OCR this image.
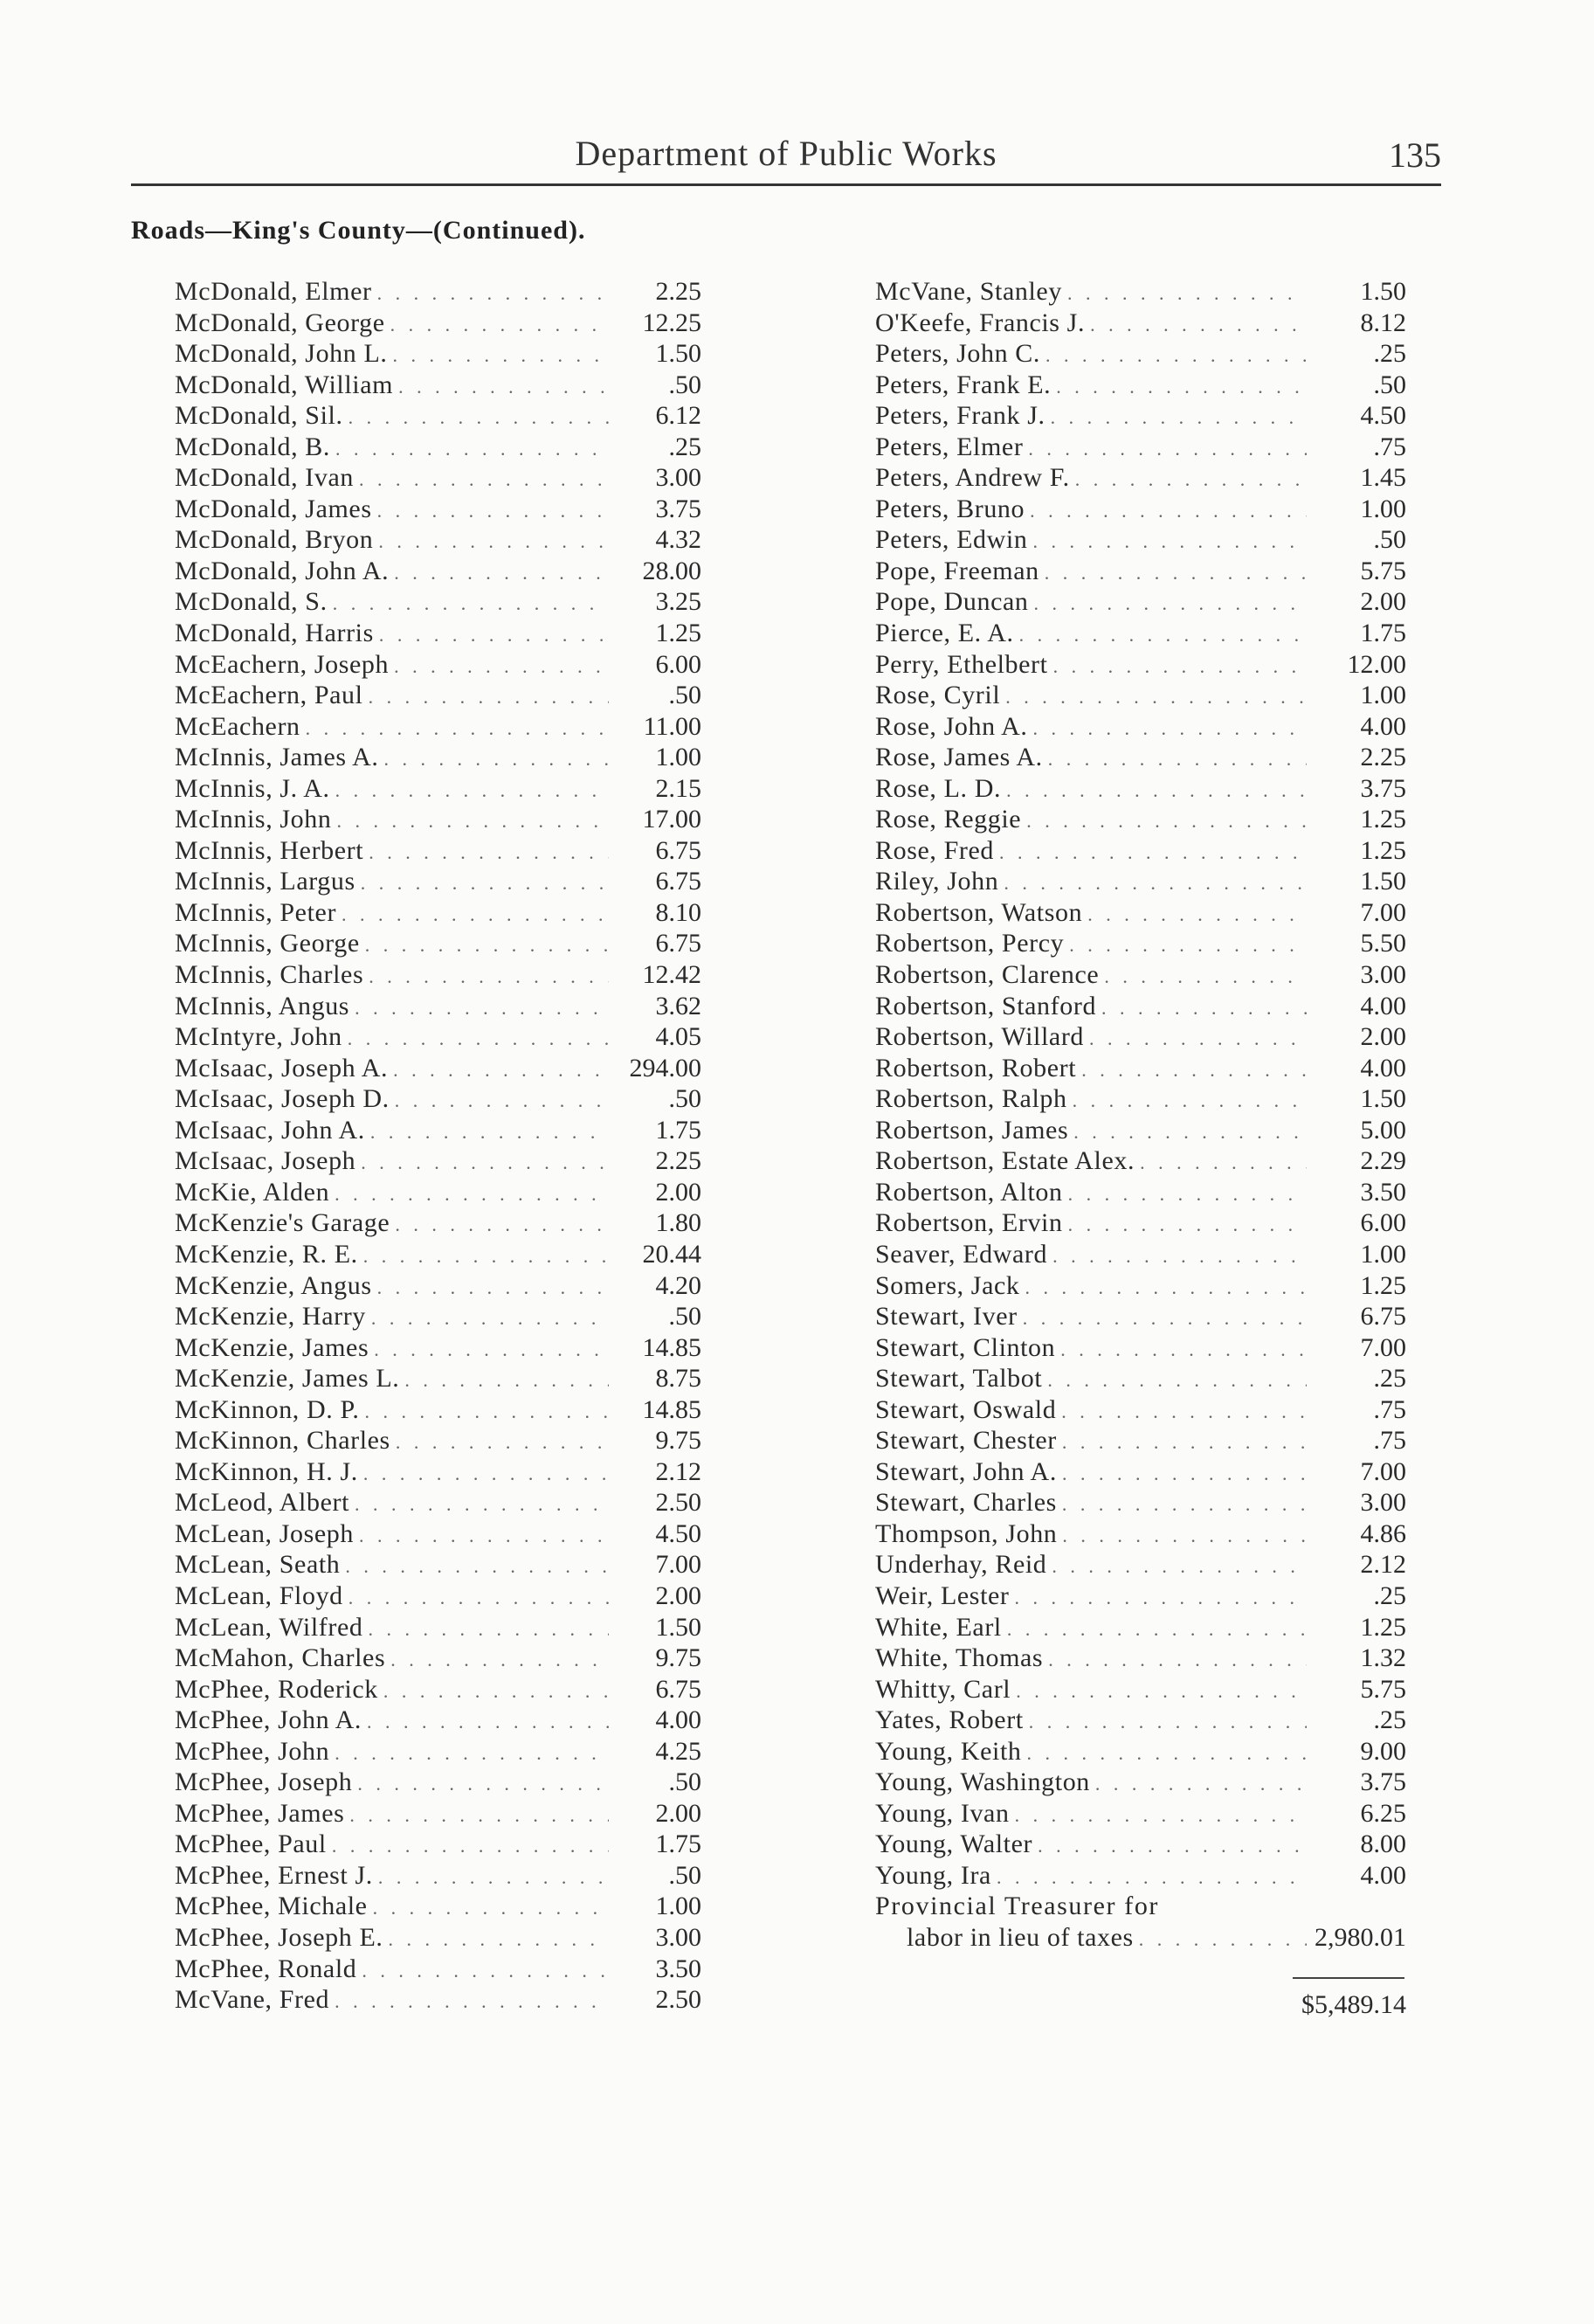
Department of Public Works	135
Roads—King's County—(Continued).
McDonald, Elmer . . .	2.25
McDonald, George . . .	12.25
McDonald, John L. . . .	1.50
McDonald, William . . .	.50
McDonald, Sil. . . .	6.12
McDonald, B. . . .	.25
McDonald, Ivan . . .	3.00
McDonald, James . . .	3.75
McDonald, Bryon . . .	4.32
McDonald, John A. . . .	28.00
McDonald, S. . . .	3.25
McDonald, Harris . . .	1.25
McEachern, Joseph . . .	6.00
McEachern, Paul . . .	.50
McEachern . . .	11.00
McInnis, James A. . . .	1.00
McInnis, J. A. . . .	2.15
McInnis, John . . .	17.00
McInnis, Herbert . . .	6.75
McInnis, Largus . . .	6.75
McInnis, Peter . . .	8.10
McInnis, George . . .	6.75
McInnis, Charles . . .	12.42
McInnis, Angus . . .	3.62
McIntyre, John . . .	4.05
McIsaac, Joseph A. . . .	294.00
McIsaac, Joseph D. . . .	.50
McIsaac, John A. . . .	1.75
McIsaac, Joseph . . .	2.25
McKie, Alden . . .	2.00
McKenzie's Garage . . .	1.80
McKenzie, R. E. . . .	20.44
McKenzie, Angus . . .	4.20
McKenzie, Harry . . .	.50
McKenzie, James . . .	14.85
McKenzie, James L. . . .	8.75
McKinnon, D. P. . . .	14.85
McKinnon, Charles . . .	9.75
McKinnon, H. J. . . .	2.12
McLeod, Albert . . .	2.50
McLean, Joseph . . .	4.50
McLean, Seath . . .	7.00
McLean, Floyd . . .	2.00
McLean, Wilfred . . .	1.50
McMahon, Charles . . .	9.75
McPhee, Roderick . . .	6.75
McPhee, John A. . . .	4.00
McPhee, John . . .	4.25
McPhee, Joseph . . .	.50
McPhee, James . . .	2.00
McPhee, Paul . . .	1.75
McPhee, Ernest J. . . .	.50
McPhee, Michale . . .	1.00
McPhee, Joseph E. . . .	3.00
McPhee, Ronald . . .	3.50
McVane, Fred . . .	2.50
McVane, Stanley . . .	1.50
O'Keefe, Francis J. . . .	8.12
Peters, John C. . . .	.25
Peters, Frank E. . . .	.50
Peters, Frank J. . . .	4.50
Peters, Elmer . . .	.75
Peters, Andrew F. . . .	1.45
Peters, Bruno . . .	1.00
Peters, Edwin . . .	.50
Pope, Freeman . . .	5.75
Pope, Duncan . . .	2.00
Pierce, E. A. . . .	1.75
Perry, Ethelbert . . .	12.00
Rose, Cyril . . .	1.00
Rose, John A. . . .	4.00
Rose, James A. . . .	2.25
Rose, L. D. . . .	3.75
Rose, Reggie . . .	1.25
Rose, Fred . . .	1.25
Riley, John . . .	1.50
Robertson, Watson . . .	7.00
Robertson, Percy . . .	5.50
Robertson, Clarence . . .	3.00
Robertson, Stanford . . .	4.00
Robertson, Willard . . .	2.00
Robertson, Robert . . .	4.00
Robertson, Ralph . . .	1.50
Robertson, James . . .	5.00
Robertson, Estate Alex. . . .	2.29
Robertson, Alton . . .	3.50
Robertson, Ervin . . .	6.00
Seaver, Edward . . .	1.00
Somers, Jack . . .	1.25
Stewart, Iver . . .	6.75
Stewart, Clinton . . .	7.00
Stewart, Talbot . . .	.25
Stewart, Oswald . . .	.75
Stewart, Chester . . .	.75
Stewart, John A. . . .	7.00
Stewart, Charles . . .	3.00
Thompson, John . . .	4.86
Underhay, Reid . . .	2.12
Weir, Lester . . .	.25
White, Earl . . .	1.25
White, Thomas . . .	1.32
Whitty, Carl . . .	5.75
Yates, Robert . . .	.25
Young, Keith . . .	9.00
Young, Washington . . .	3.75
Young, Ivan . . .	6.25
Young, Walter . . .	8.00
Young, Ira . . .	4.00
Provincial Treasurer for
labor in lieu of taxes . . .	2,980.01
$5,489.14
